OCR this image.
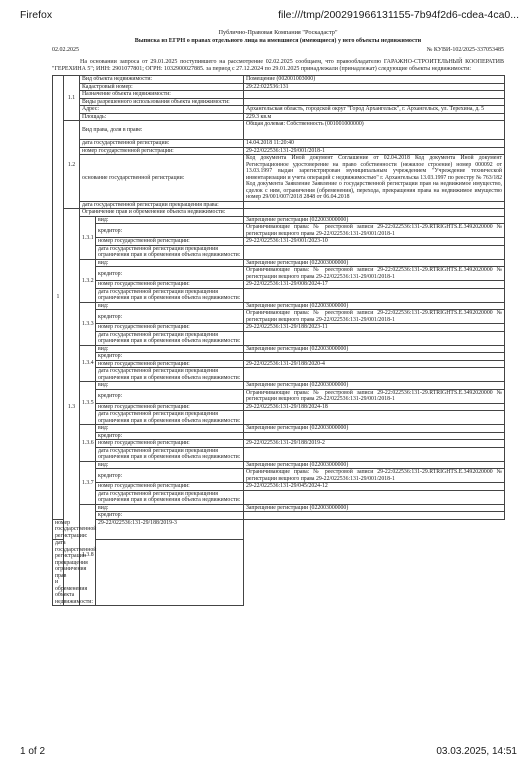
Firefox	file:///tmp/200291966131155-7b94f2d6-cdea-4ca0...
Публично-Правовая Компания "Роскадастр"
Выписка из ЕГРН о правах отдельного лица на имевшиеся (имеющиеся) у него объекты недвижимости
02.02.2025	№ КУВИ-102/2025-337053485
На основании запроса от 29.01.2025 поступившего на рассмотрение 02.02.2025 сообщаем, что правообладателю ГАРАЖНО-СТРОИТЕЛЬНЫЙ КООПЕРАТИВ "ГЕРЕХИНА 5"; ИНН: 2901077801; ОГРН: 1032900027885. за период с 27.12.2024 по 29.01.2025 принадлежали (принадлежат) следующие объекты недвижимости:
1	1.1	Вид объекта недвижимости:		Помещение (002001003000)
		Кадастровый номер:		29:22:022536:131
		Назначение объекта недвижимости:		
		Виды разрешенного использования объекта недвижимости:		
		Адрес:		Архангельская область, городской округ "Город Архангельск", г. Архангельск, ул. Терехина, д. 5
		Площадь:		229.3 кв.м
	1.2	Вид права, доля в праве:		Общая долевая: Собственность (001001000000)
		дата государственной регистрации:		14.04.2018 11:20:40
		номер государственной регистрации:		29-22/022536:131-29/001/2018-1
		основание государственной регистрации:		Код документа Иной документ Соглашение от 02.04.2018 Код документа Иной документ Регистрационное удостоверение на право собственности (нежилое строение) номер 000092 от 13.03.1997 выдан зарегистрирован муниципальным учреждением "Учреждение технической инвентаризации и учета операций с недвижимостью" г. Архангельска 13.03.1997 по реестру № 763/182 Код документа Заявление Заявление о государственной регистрации прав на недвижимое имущество, сделок с ним, ограничения (обременения), перехода, прекращения права на недвижимое имущество номер 29/001/007/2018 2848 от 06.04.2018
		дата государственной регистрации прекращения права:		
	1.3	Ограничение прав и обременение объекта недвижимости:		
		1.3.1	вид:	Запрещение регистрации (022003000000)
			кредитор:	Ограничивающие права: № реестровой записи 29-22:022536:131-29.RTRIGHTS.E.3492020000 № регистрации вещного права 29-22/022536:131-29/001/2018-1
			номер государственной регистрации:	29-22/022536:131-29/001/2023-10
			дата государственной регистрации прекращения ограничения прав и обременения объекта недвижимости:	
		1.3.2	вид:	Запрещение регистрации (022003000000)
			кредитор:	Ограничивающие права: № реестровой записи 29-22:022536:131-29.RTRIGHTS.E.3492020000 № регистрации вещного права 29-22/022536:131-29/001/2018-1
			номер государственной регистрации:	29-22/022536:131-29/008/2024-17
			дата государственной регистрации прекращения ограничения прав и обременения объекта недвижимости:	
		1.3.3	вид:	Запрещение регистрации (022003000000)
			кредитор:	Ограничивающие права: № реестровой записи 29-22:022536:131-29.RTRIGHTS.E.3492020000 № регистрации вещного права 29-22/022536:131-29/001/2018-1
			номер государственной регистрации:	29-22/022536:131-29/188/2023-11
			дата государственной регистрации прекращения ограничения прав и обременения объекта недвижимости:	
		1.3.4	вид:	Запрещение регистрации (022003000000)
			кредитор:	
			номер государственной регистрации:	29-22/022536:131-29/188/2020-4
			дата государственной регистрации прекращения ограничения прав и обременения объекта недвижимости:	
		1.3.5	вид:	Запрещение регистрации (022003000000)
			кредитор:	Ограничивающие права: № реестровой записи 29-22:022536:131-29.RTRIGHTS.E.3492020000 № регистрации вещного права 29-22/022536:131-29/001/2018-1
			номер государственной регистрации:	29-22/022536:131-29/188/2024-18
			дата государственной регистрации прекращения ограничения прав и обременения объекта недвижимости:	
		1.3.6	вид:	Запрещение регистрации (022003000000)
			кредитор:	
			номер государственной регистрации:	29-22/022536:131-29/188/2019-2
			дата государственной регистрации прекращения ограничения прав и обременения объекта недвижимости:	
		1.3.7	вид:	Запрещение регистрации (022003000000)
			кредитор:	Ограничивающие права: № реестровой записи 29-22:022536:131-29.RTRIGHTS.E.3492020000 № регистрации вещного права 29-22/022536:131-29/001/2018-1
			номер государственной регистрации:	29-22/022536:131-29/045/2024-12
			дата государственной регистрации прекращения ограничения прав и обременения объекта недвижимости:	
		1.3.8	вид:	Запрещение регистрации (022003000000)
			кредитор:	
номер государственной регистрации:			29-22/022536:131-29/188/2019-3	
дата государственной регистрации прекращения ограничения прав и обременения объекта недвижимости:				
1 of 2	03.03.2025, 14:51
